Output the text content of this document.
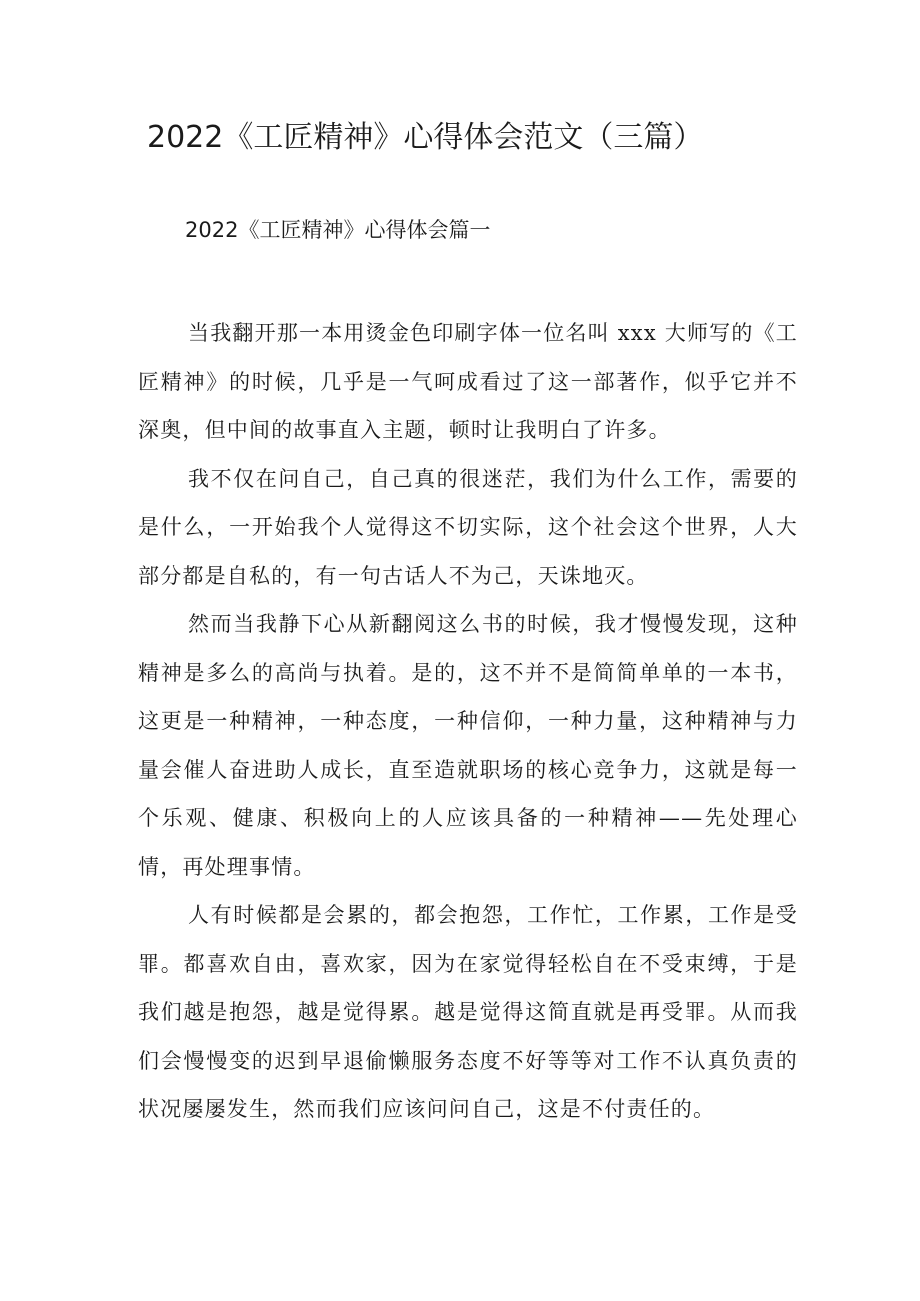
2022《工匠精神》心得体会范文（三篇）
2022《工匠精神》心得体会篇一

当我翻开那一本用烫金色印刷字体一位名叫 xxx 大师写的《工匠精神》的时候，几乎是一气呵成看过了这一部著作，似乎它并不深奥，但中间的故事直入主题，顿时让我明白了许多。

我不仅在问自己，自己真的很迷茫，我们为什么工作，需要的是什么，一开始我个人觉得这不切实际，这个社会这个世界，人大部分都是自私的，有一句古话人不为己，天诛地灭。

然而当我静下心从新翻阅这么书的时候，我才慢慢发现，这种精神是多么的高尚与执着。是的，这不并不是简简单单的一本书，这更是一种精神，一种态度，一种信仰，一种力量，这种精神与力量会催人奋进助人成长，直至造就职场的核心竞争力，这就是每一个乐观、健康、积极向上的人应该具备的一种精神——先处理心情，再处理事情。

人有时候都是会累的，都会抱怨，工作忙，工作累，工作是受罪。都喜欢自由，喜欢家，因为在家觉得轻松自在不受束缚，于是我们越是抱怨，越是觉得累。越是觉得这简直就是再受罪。从而我们会慢慢变的迟到早退偷懒服务态度不好等等对工作不认真负责的状况屡屡发生，然而我们应该问问自己，这是不付责任的。
